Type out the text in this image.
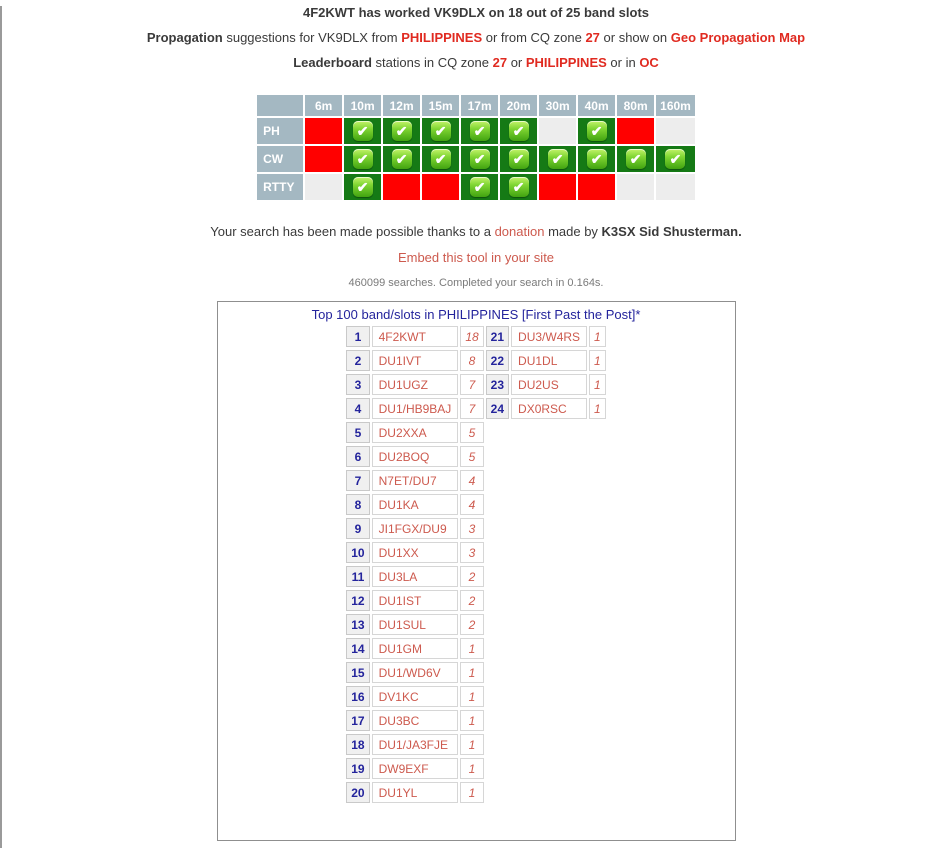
4F2KWT has worked VK9DLX on 18 out of 25 band slots
Propagation suggestions for VK9DLX from PHILIPPINES or from CQ zone 27 or show on Geo Propagation Map
Leaderboard stations in CQ zone 27 or PHILIPPINES or in OC
	6m	10m	12m	15m	17m	20m	30m	40m	80m	160m
PH		✔	✔	✔	✔	✔		✔		
CW		✔	✔	✔	✔	✔	✔	✔	✔	✔
RTTY		✔			✔	✔				
Your search has been made possible thanks to a donation made by K3SX Sid Shusterman.
Embed this tool in your site
460099 searches. Completed your search in 0.164s.
Top 100 band/slots in PHILIPPINES [First Past the Post]*
1	4F2KWT	18	21	DU3/W4RS	1
2	DU1IVT	8	22	DU1DL	1
3	DU1UGZ	7	23	DU2US	1
4	DU1/HB9BAJ	7	24	DX0RSC	1
5	DU2XXA	5			
6	DU2BOQ	5			
7	N7ET/DU7	4			
8	DU1KA	4			
9	JI1FGX/DU9	3			
10	DU1XX	3			
11	DU3LA	2			
12	DU1IST	2			
13	DU1SUL	2			
14	DU1GM	1			
15	DU1/WD6V	1			
16	DV1KC	1			
17	DU3BC	1			
18	DU1/JA3FJE	1			
19	DW9EXF	1			
20	DU1YL	1			
